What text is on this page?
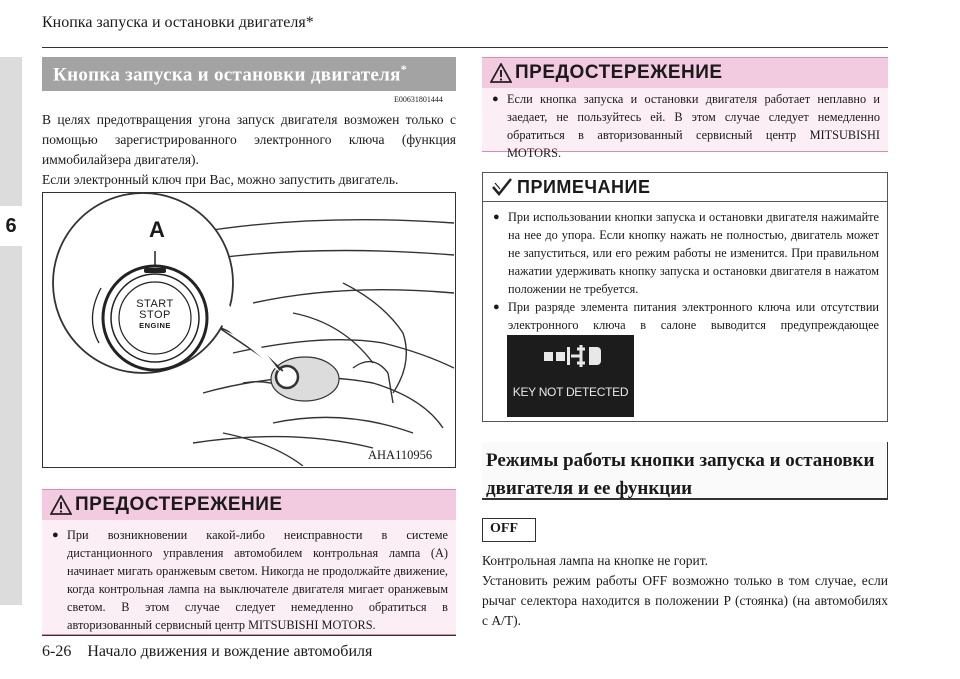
6
Кнопка запуска и остановки двигателя*
Кнопка запуска и остановки двигателя*
E00631801444

В целях предотвращения угона запуск двигателя возможен только с помощью зарегистрированного электронного ключа (функция иммобилайзера двигателя).

Если электронный ключ при Вас, можно запустить двигатель.

A
START
STOP
ENGINE
AHA110956
ПРЕДОСТЕРЕЖЕНИЕ
● При возникновении какой-либо неисправности в системе дистанционного управления автомобилем контрольная лампа (A) начинает мигать оранжевым светом. Никогда не продолжайте движение, когда контрольная лампа на выключателе двигателя мигает оранжевым светом. В этом случае следует немедленно обратиться в авторизованный сервисный центр MITSUBISHI MOTORS.
6-26 Начало движения и вождение автомобиля
ПРЕДОСТЕРЕЖЕНИЕ
● Если кнопка запуска и остановки двигателя работает неплавно и заедает, не пользуйтесь ей. В этом случае следует немедленно обратиться в авторизованный сервисный центр MITSUBISHI MOTORS.
ПРИМЕЧАНИЕ
● При использовании кнопки запуска и остановки двигателя нажимайте на нее до упора. Если кнопку нажать не полностью, двигатель может не запуститься, или его режим работы не изменится. При правильном нажатии удерживать кнопку запуска и остановки двигателя в нажатом положении не требуется.
● При разряде элемента питания электронного ключа или отсутствии электронного ключа в салоне выводится предупреждающее
KEY NOT DETECTED
Режимы работы кнопки запуска и остановки двигателя и ее функции
OFF

Контрольная лампа на кнопке не горит.

Установить режим работы OFF возможно только в том случае, если рычаг селектора находится в положении P (стоянка) (на автомобилях с A/T).
